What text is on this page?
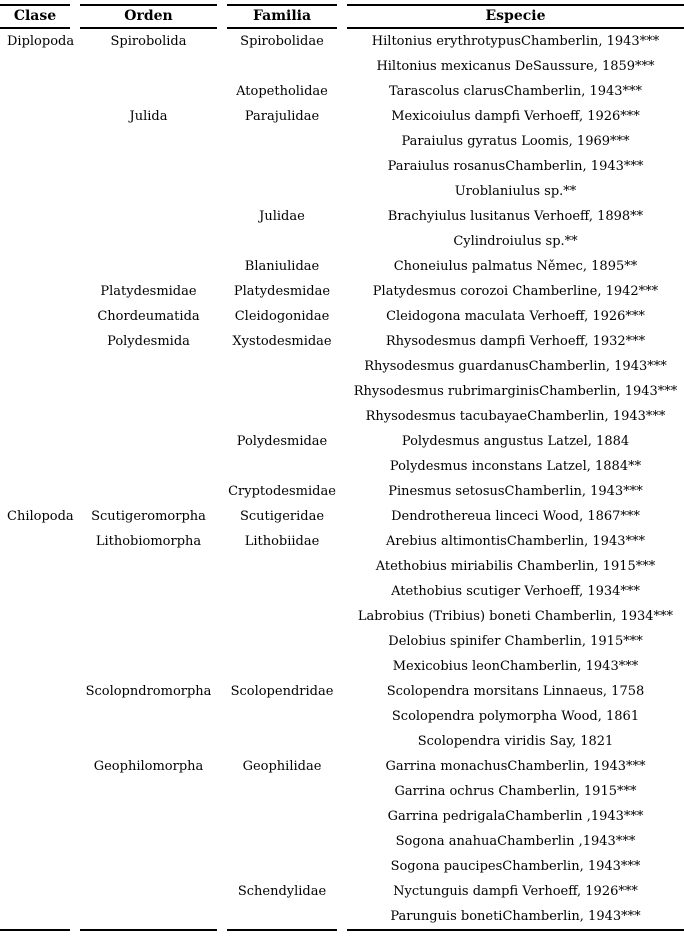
Clase	Orden	Familia	Especie
Diplopoda	Spirobolida	Spirobolidae	Hiltonius erythrotypusChamberlin, 1943***
			Hiltonius mexicanus DeSaussure, 1859***
		Atopetholidae	Tarascolus clarusChamberlin, 1943***
	Julida	Parajulidae	Mexicoiulus dampfi Verhoeff, 1926***
			Paraiulus gyratus Loomis, 1969***
			Paraiulus rosanusChamberlin, 1943***
			Uroblaniulus sp.**
		Julidae	Brachyiulus lusitanus Verhoeff, 1898**
			Cylindroiulus sp.**
		Blaniulidae	Choneiulus palmatus Němec, 1895**
	Platydesmidae	Platydesmidae	Platydesmus corozoi Chamberline, 1942***
	Chordeumatida	Cleidogonidae	Cleidogona maculata Verhoeff, 1926***
	Polydesmida	Xystodesmidae	Rhysodesmus dampfi Verhoeff, 1932***
			Rhysodesmus guardanusChamberlin, 1943***
			Rhysodesmus rubrimarginisChamberlin, 1943***
			Rhysodesmus tacubayaeChamberlin, 1943***
		Polydesmidae	Polydesmus angustus Latzel, 1884
			Polydesmus inconstans Latzel, 1884**
		Cryptodesmidae	Pinesmus setosusChamberlin, 1943***
Chilopoda	Scutigeromorpha	Scutigeridae	Dendrothereua linceci Wood, 1867***
	Lithobiomorpha	Lithobiidae	Arebius altimontisChamberlin, 1943***
			Atethobius miriabilis Chamberlin, 1915***
			Atethobius scutiger Verhoeff, 1934***
			Labrobius (Tribius) boneti Chamberlin, 1934***
			Delobius spinifer Chamberlin, 1915***
			Mexicobius leonChamberlin, 1943***
	Scolopndromorpha	Scolopendridae	Scolopendra morsitans Linnaeus, 1758
			Scolopendra polymorpha Wood, 1861
			Scolopendra viridis Say, 1821
	Geophilomorpha	Geophilidae	Garrina monachusChamberlin, 1943***
			Garrina ochrus Chamberlin, 1915***
			Garrina pedrigalaChamberlin ,1943***
			Sogona anahuaChamberlin ,1943***
			Sogona paucipesChamberlin, 1943***
		Schendylidae	Nyctunguis dampfi Verhoeff, 1926***
			Parunguis bonetiChamberlin, 1943***
